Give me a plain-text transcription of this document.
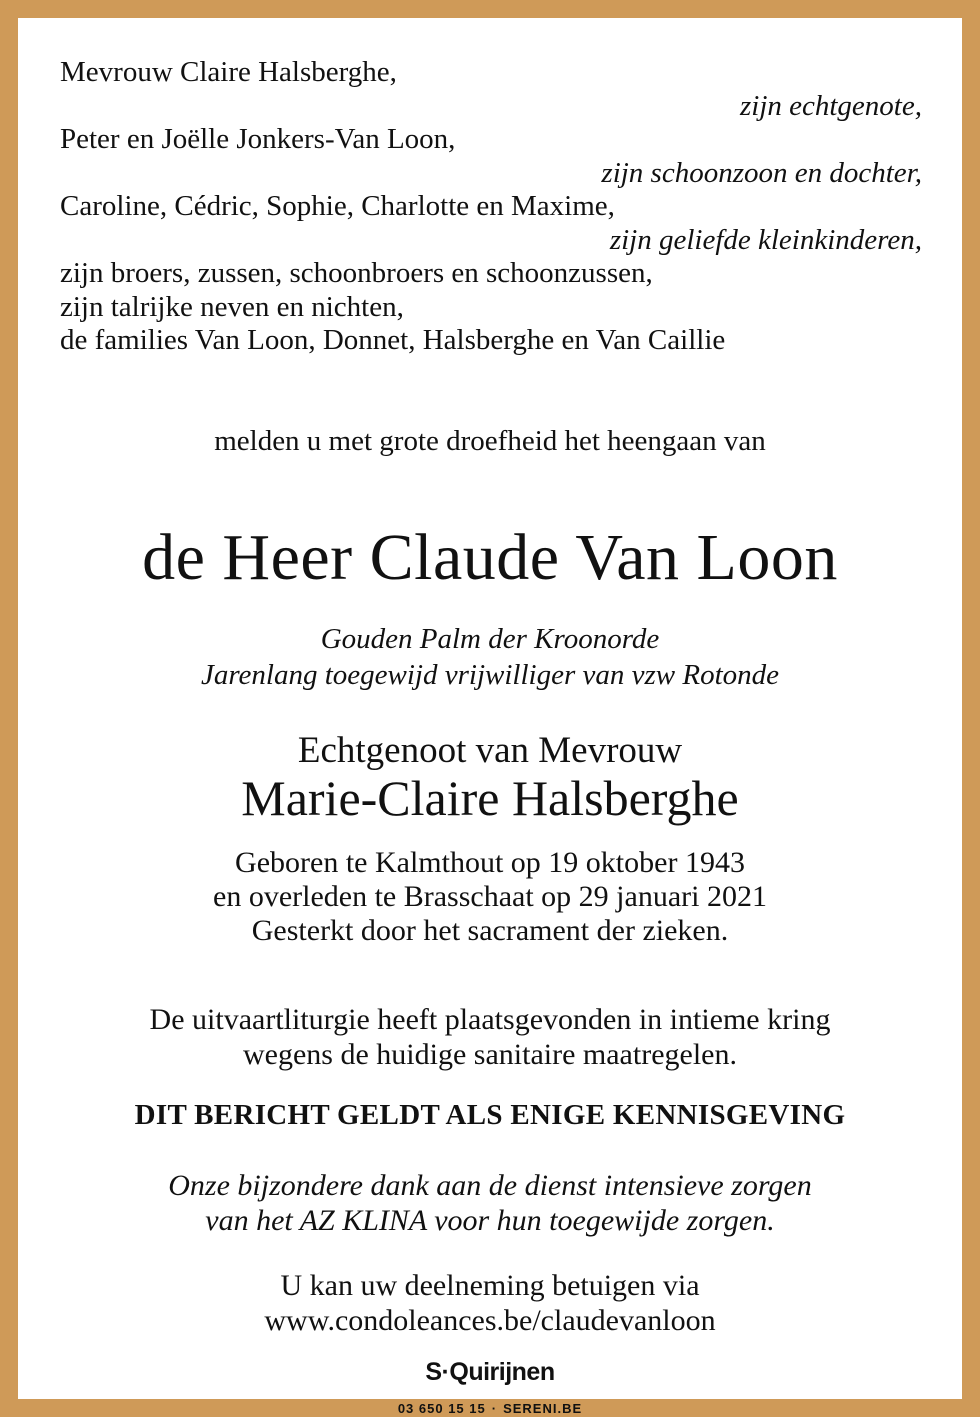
Mevrouw Claire Halsberghe,
zijn echtgenote,
Peter en Joëlle Jonkers-Van Loon,
zijn schoonzoon en dochter,
Caroline, Cédric, Sophie, Charlotte en Maxime,
zijn geliefde kleinkinderen,
zijn broers, zussen, schoonbroers en schoonzussen,
zijn talrijke neven en nichten,
de families Van Loon, Donnet, Halsberghe en Van Caillie
melden u met grote droefheid het heengaan van
de Heer Claude Van Loon
Gouden Palm der Kroonorde
Jarenlang toegewijd vrijwilliger van vzw Rotonde
Echtgenoot van Mevrouw
Marie-Claire Halsberghe
Geboren te Kalmthout op 19 oktober 1943
en overleden te Brasschaat op 29 januari 2021
Gesterkt door het sacrament der zieken.
De uitvaartliturgie heeft plaatsgevonden in intieme kring
wegens de huidige sanitaire maatregelen.
DIT BERICHT GELDT ALS ENIGE KENNISGEVING
Onze bijzondere dank aan de dienst intensieve zorgen
van het AZ KLINA voor hun toegewijde zorgen.
U kan uw deelneming betuigen via
www.condoleances.be/claudevanloon
S·Quirijnen
03 650 15 15 · SERENI.BE
